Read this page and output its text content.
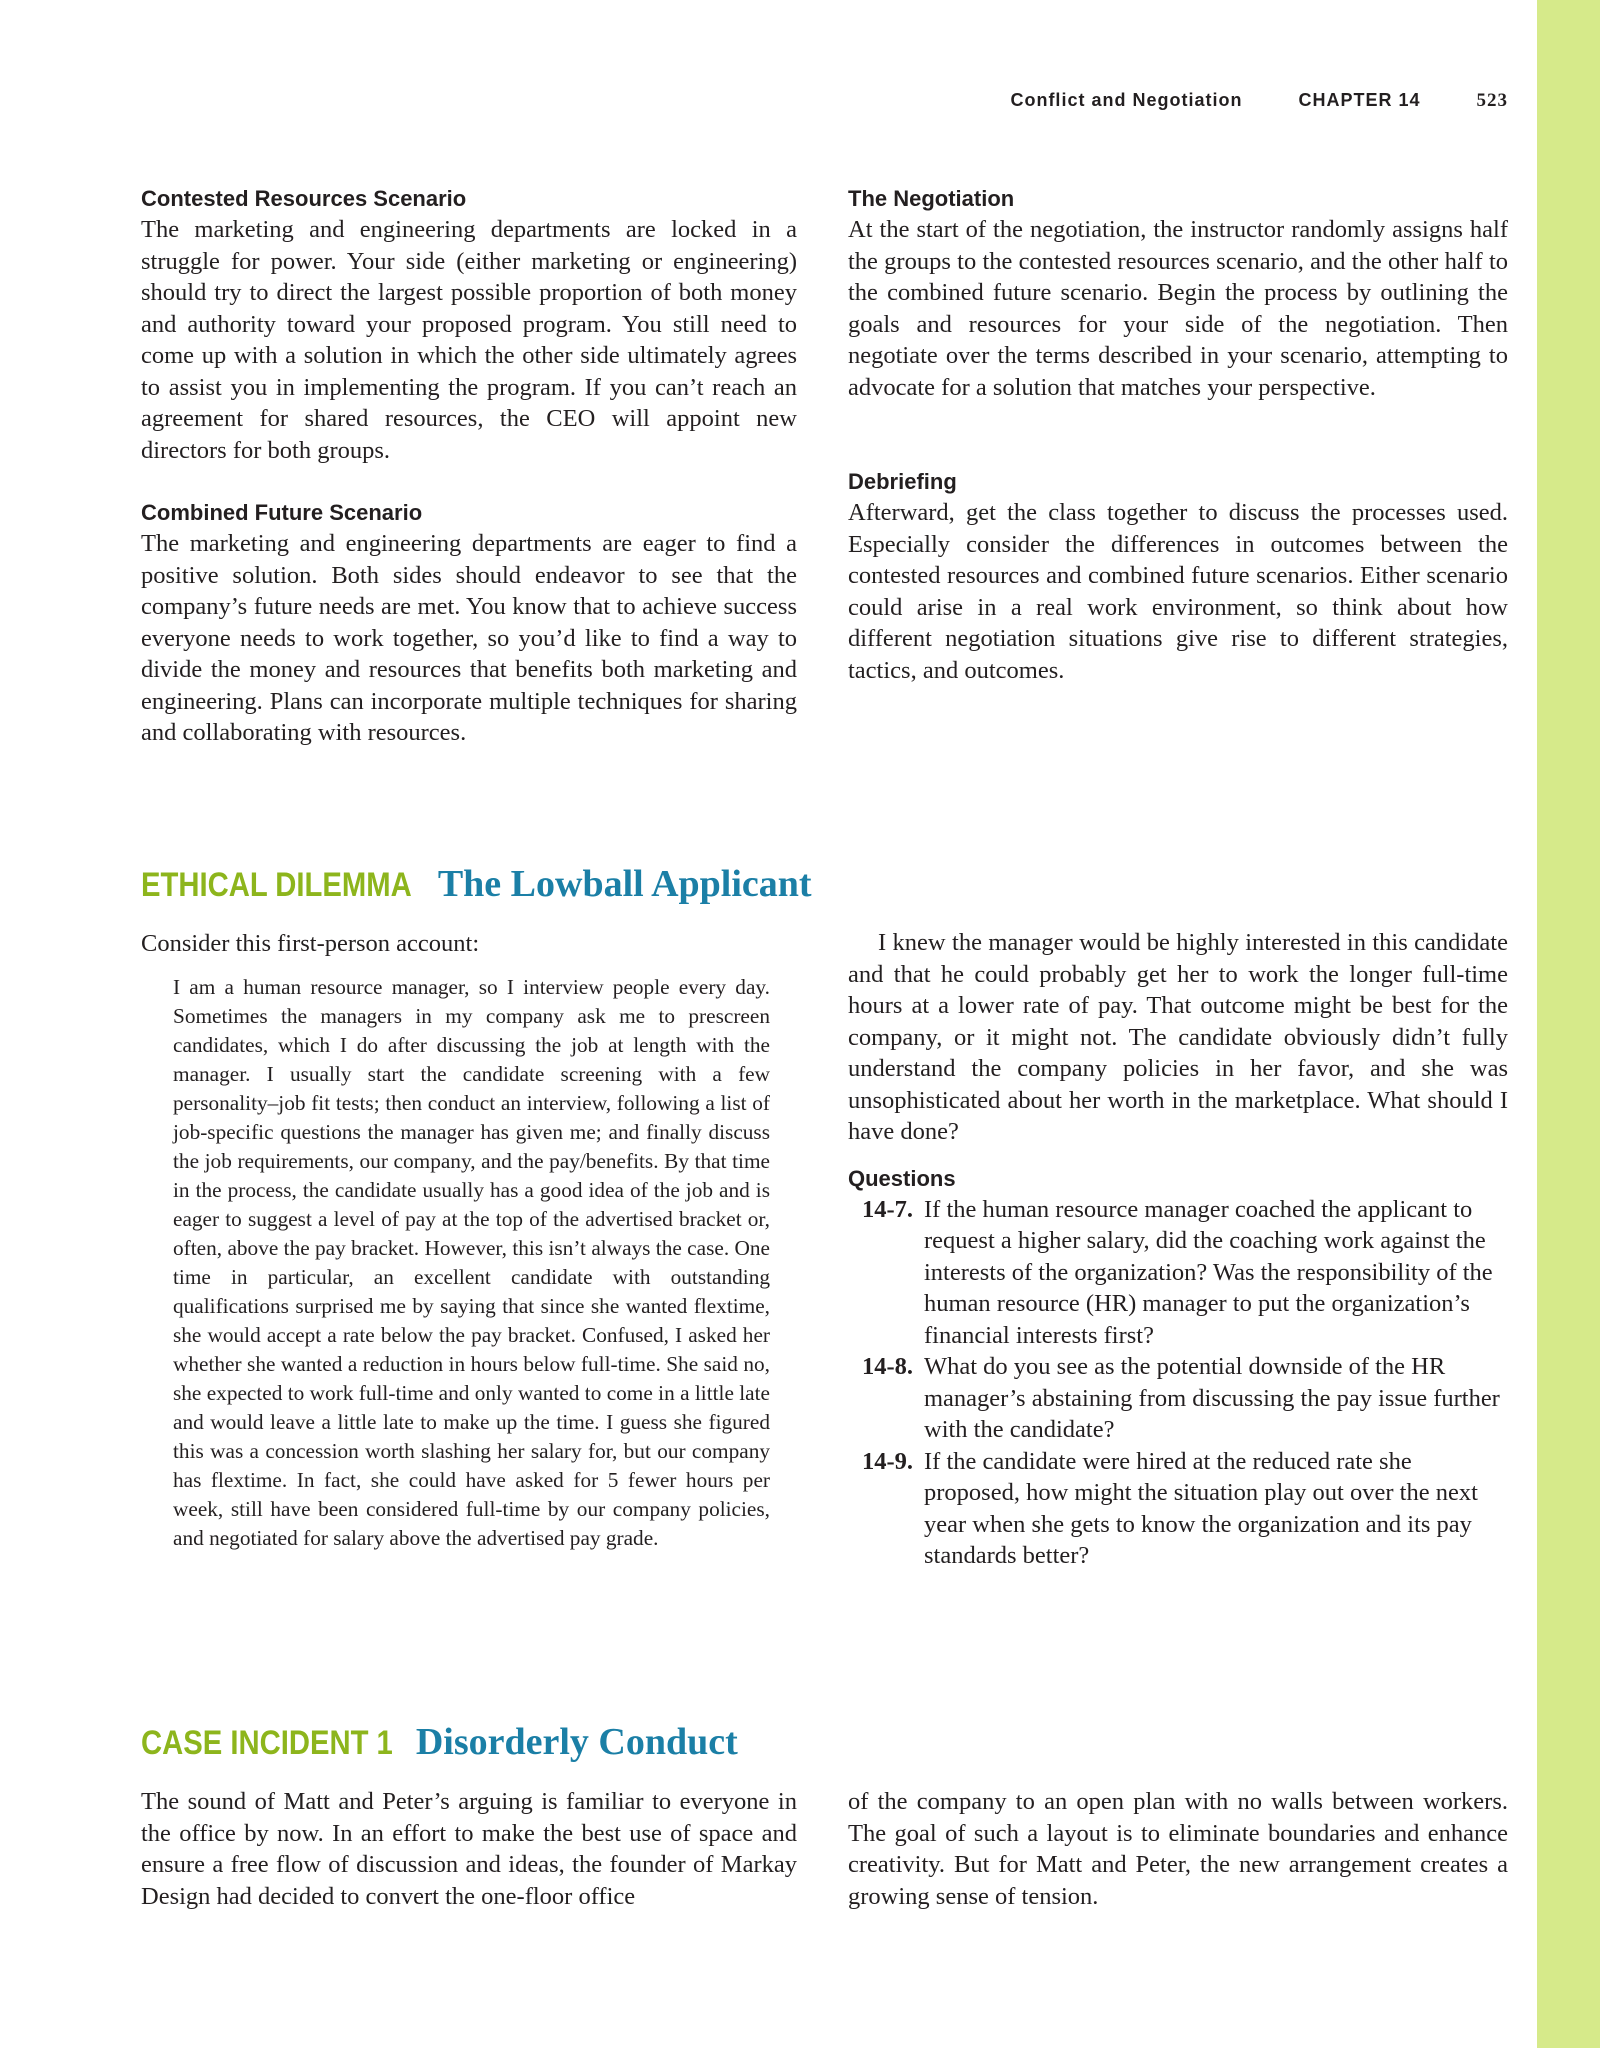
Conflict and Negotiation	CHAPTER 14	523
Contested Resources Scenario

The marketing and engineering departments are locked in a struggle for power. Your side (either marketing or engineering) should try to direct the largest possible proportion of both money and authority toward your proposed program. You still need to come up with a solution in which the other side ultimately agrees to assist you in implementing the program. If you can’t reach an agreement for shared resources, the CEO will appoint new directors for both groups.

Combined Future Scenario

The marketing and engineering departments are eager to find a positive solution. Both sides should endeavor to see that the company’s future needs are met. You know that to achieve success everyone needs to work together, so you’d like to find a way to divide the money and resources that benefits both marketing and engineering. Plans can incorporate multiple techniques for sharing and collaborating with resources.

The Negotiation

At the start of the negotiation, the instructor randomly assigns half the groups to the contested resources scenario, and the other half to the combined future scenario. Begin the process by outlining the goals and resources for your side of the negotiation. Then negotiate over the terms described in your scenario, attempting to advocate for a solution that matches your perspective.

Debriefing

Afterward, get the class together to discuss the processes used. Especially consider the differences in outcomes between the contested resources and combined future scenarios. Either scenario could arise in a real work environment, so think about how different negotiation situations give rise to different strategies, tactics, and outcomes.

ETHICAL DILEMMA The Lowball Applicant

Consider this first-person account:

I am a human resource manager, so I interview people every day. Sometimes the managers in my company ask me to prescreen candidates, which I do after discussing the job at length with the manager. I usually start the candidate screening with a few personality–job fit tests; then conduct an interview, following a list of job-specific questions the manager has given me; and finally discuss the job requirements, our company, and the pay/benefits. By that time in the process, the candidate usually has a good idea of the job and is eager to suggest a level of pay at the top of the advertised bracket or, often, above the pay bracket. However, this isn’t always the case. One time in particular, an excellent candidate with outstanding qualifications surprised me by saying that since she wanted flextime, she would accept a rate below the pay bracket. Confused, I asked her whether she wanted a reduction in hours below full-time. She said no, she expected to work full-time and only wanted to come in a little late and would leave a little late to make up the time. I guess she figured this was a concession worth slashing her salary for, but our company has flextime. In fact, she could have asked for 5 fewer hours per week, still have been considered full-time by our company policies, and negotiated for salary above the advertised pay grade.

I knew the manager would be highly interested in this candidate and that he could probably get her to work the longer full-time hours at a lower rate of pay. That outcome might be best for the company, or it might not. The candidate obviously didn’t fully understand the company policies in her favor, and she was unsophisticated about her worth in the marketplace. What should I have done?

Questions
14-7. If the human resource manager coached the applicant to request a higher salary, did the coaching work against the interests of the organization? Was the responsibility of the human resource (HR) manager to put the organization’s financial interests first?
14-8. What do you see as the potential downside of the HR manager’s abstaining from discussing the pay issue further with the candidate?
14-9. If the candidate were hired at the reduced rate she proposed, how might the situation play out over the next year when she gets to know the organization and its pay standards better?
CASE INCIDENT 1 Disorderly Conduct

The sound of Matt and Peter’s arguing is familiar to everyone in the office by now. In an effort to make the best use of space and ensure a free flow of discussion and ideas, the founder of Markay Design had decided to convert the one-floor office

of the company to an open plan with no walls between workers. The goal of such a layout is to eliminate boundaries and enhance creativity. But for Matt and Peter, the new arrangement creates a growing sense of tension.
